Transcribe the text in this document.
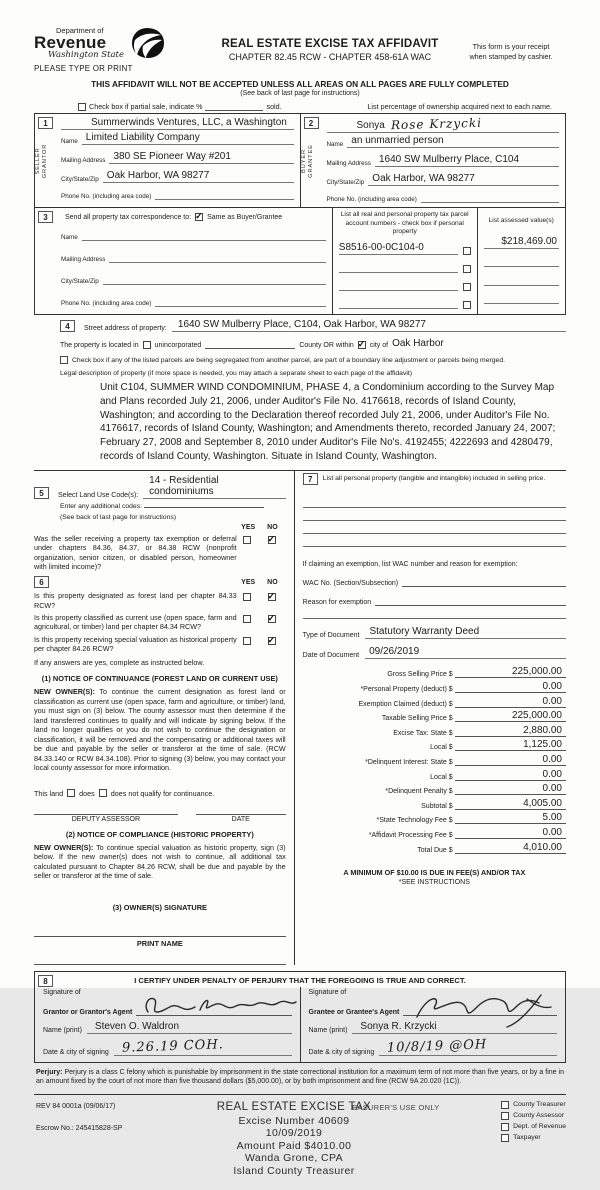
Department of
Revenue
Washington State
PLEASE TYPE OR PRINT
REAL ESTATE EXCISE TAX AFFIDAVIT
CHAPTER 82.45 RCW - CHAPTER 458-61A WAC
This form is your receipt
when stamped by cashier.
THIS AFFIDAVIT WILL NOT BE ACCEPTED UNLESS ALL AREAS ON ALL PAGES ARE FULLY COMPLETED
(See back of last page for instructions)
Check box if partial sale, indicate %	sold.	List percentage of ownership acquired next to each name.
1
SELLER GRANTOR
Summerwinds Ventures, LLC, a Washington
Name Limited Liability Company
Mailing Address 380 SE Pioneer Way #201
City/State/Zip Oak Harbor, WA 98277
Phone No. (including area code)
2
BUYER GRANTEE
Sonya Rose Krzycki
Name an unmarried person
Mailing Address 1640 SW Mulberry Place, C104
City/State/Zip Oak Harbor, WA 98277
Phone No. (including area code)
3	Send all property tax correspondence to: ✓ Same as Buyer/Grantee
Name
Mailing Address
City/State/Zip
Phone No. (including area code)
List all real and personal property tax parcel account numbers - check box if personal property
S8516-00-0C104-0
List assessed value(s)
$218,469.00
4	Street address of property:	1640 SW Mulberry Place, C104, Oak Harbor, WA 98277
The property is located in unincorporated	County OR within ✓ city of Oak Harbor
Check box if any of the listed parcels are being segregated from another parcel, are part of a boundary line adjustment or parcels being merged.
Legal description of property (if more space is needed, you may attach a separate sheet to each page of the affidavit)
Unit C104, SUMMER WIND CONDOMINIUM, PHASE 4, a Condominium according to the Survey Map and Plans recorded July 21, 2006, under Auditor's File No. 4176618, records of Island County, Washington; and according to the Declaration thereof recorded July 21, 2006, under Auditor's File No. 4176617, records of Island County, Washington; and Amendments thereto, recorded January 24, 2007; February 27, 2008 and September 8, 2010 under Auditor's File No's. 4192455; 4222693 and 4280479, records of Island County, Washington. Situate in Island County, Washington.
5	Select Land Use Code(s):
14 - Residential condominiums
Enter any additional codes:
(See back of last page for instructions)
YES NO
Was the seller receiving a property tax exemption or deferral under chapters 84.36, 84.37, or 84.38 RCW (nonprofit organization, senior citizen, or disabled person, homeowner with limited income)?
✓
6	YES NO
Is this property designated as forest land per chapter 84.33 RCW?
✓
Is this property classified as current use (open space, farm and agricultural, or timber) land per chapter 84.34 RCW?
✓
Is this property receiving special valuation as historical property per chapter 84.26 RCW?
✓
If any answers are yes, complete as instructed below.
(1) NOTICE OF CONTINUANCE (FOREST LAND OR CURRENT USE)
NEW OWNER(S): To continue the current designation as forest land or classification as current use (open space, farm and agriculture, or timber) land, you must sign on (3) below. The county assessor must then determine if the land transferred continues to qualify and will indicate by signing below. If the land no longer qualifies or you do not wish to continue the designation or classification, it will be removed and the compensating or additional taxes will be due and payable by the seller or transferor at the time of sale. (RCW 84.33.140 or RCW 84.34.108). Prior to signing (3) below, you may contact your local county assessor for more information.
This land does does not qualify for continuance.
DEPUTY ASSESSOR	DATE
(2) NOTICE OF COMPLIANCE (HISTORIC PROPERTY)
NEW OWNER(S): To continue special valuation as historic property, sign (3) below. If the new owner(s) does not wish to continue, all additional tax calculated pursuant to Chapter 84.26 RCW, shall be due and payable by the seller or transferor at the time of sale.
(3) OWNER(S) SIGNATURE
PRINT NAME
7	List all personal property (tangible and intangible) included in selling price.
If claiming an exemption, list WAC number and reason for exemption:
WAC No. (Section/Subsection)
Reason for exemption
Type of Document	Statutory Warranty Deed
Date of Document	09/26/2019
Gross Selling Price $	225,000.00
*Personal Property (deduct) $	0.00
Exemption Claimed (deduct) $	0.00
Taxable Selling Price $	225,000.00
Excise Tax: State $	2,880.00
Local $	1,125.00
*Delinquent Interest: State $	0.00
Local $	0.00
*Delinquent Penalty $	0.00
Subtotal $	4,005.00
*State Technology Fee $	5.00
*Affidavit Processing Fee $	0.00
Total Due $	4,010.00
A MINIMUM OF $10.00 IS DUE IN FEE(S) AND/OR TAX
*SEE INSTRUCTIONS
8	I CERTIFY UNDER PENALTY OF PERJURY THAT THE FOREGOING IS TRUE AND CORRECT.
Signature of
Grantor or Grantor's Agent
Name (print)	Steven O. Waldron
Date & city of signing 9.26.19 COH.
Signature of
Grantee or Grantee's Agent
Name (print)	Sonya R. Krzycki
Date & city of signing 10/8/19 @OH
Perjury: Perjury is a class C felony which is punishable by imprisonment in the state correctional institution for a maximum term of not more than five years, or by a fine in an amount fixed by the court of not more than five thousand dollars ($5,000.00), or by both imprisonment and fine (RCW 9A 20.020 (1C)).
REV 84 0001a (09/06/17)
Escrow No.: 245415828-SP
EASURER'S USE ONLY
REAL ESTATE EXCISE TAX
Excise Number 40609
10/09/2019
Amount Paid $4010.00
Wanda Grone, CPA
Island County Treasurer
County Treasurer
County Assessor
Dept. of Revenue
Taxpayer
